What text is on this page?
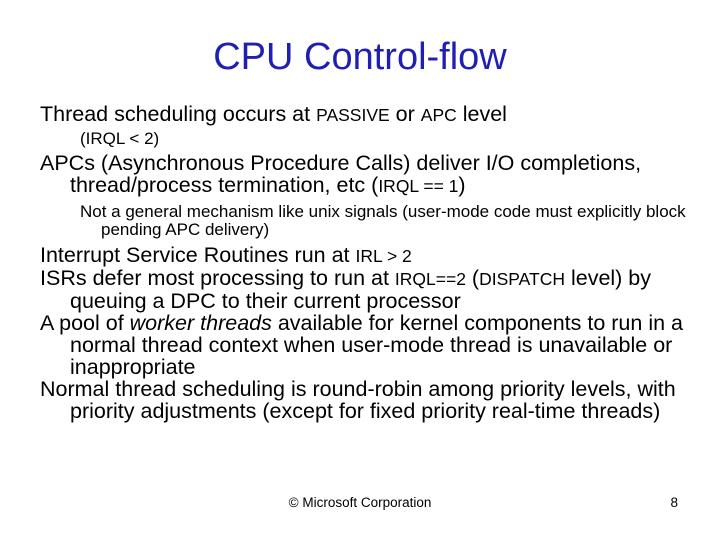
CPU Control-flow

Thread scheduling occurs at PASSIVE or APC level

(IRQL < 2)

APCs (Asynchronous Procedure Calls) deliver I/O completions, thread/process termination, etc (IRQL == 1)

Not a general mechanism like unix signals (user-mode code must explicitly block pending APC delivery)

Interrupt Service Routines run at IRL > 2

ISRs defer most processing to run at IRQL==2 (DISPATCH level) by queuing a DPC to their current processor

A pool of worker threads available for kernel components to run in a normal thread context when user-mode thread is unavailable or inappropriate

Normal thread scheduling is round-robin among priority levels, with priority adjustments (except for fixed priority real-time threads)

© Microsoft Corporation	8
